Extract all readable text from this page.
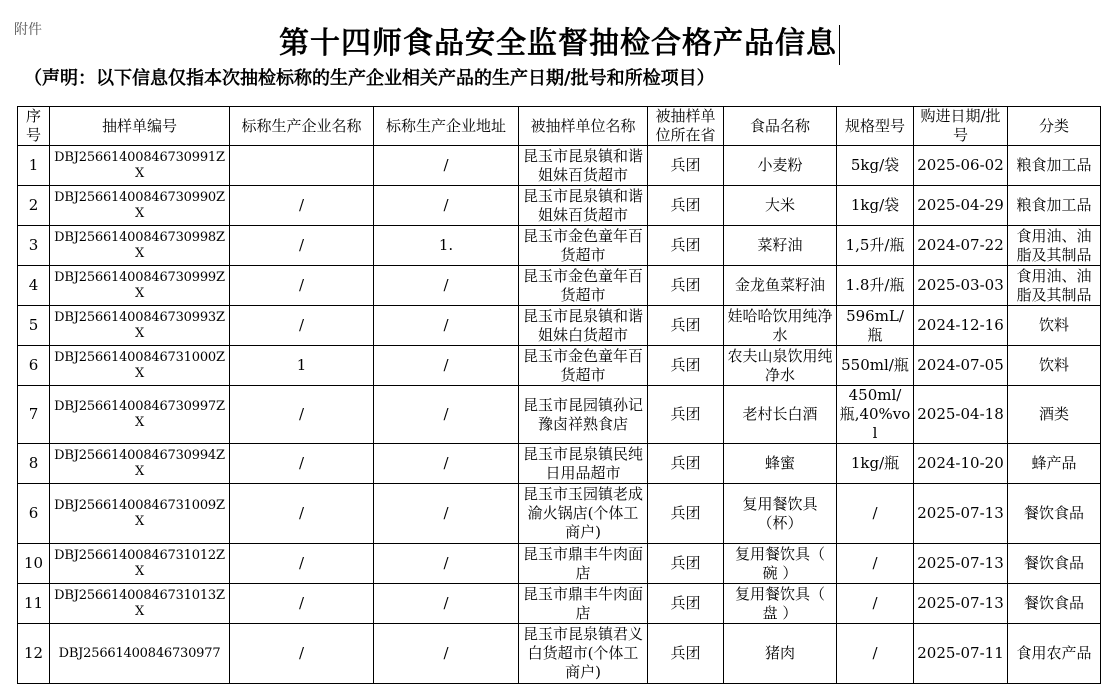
附件	第十四师食品安全监督抽检合格产品信息
（声明：以下信息仅指本次抽检标称的生产企业相关产品的生产日期/批号和所检项目）
序号	抽样单编号	标称生产企业名称	标称生产企业地址	被抽样单位名称	被抽样单位所在省	食品名称	规格型号	购进日期/批号	分类
1	DBJ25661400846730991ZX		/	昆玉市昆泉镇和谐姐妹百货超市	兵团	小麦粉	5kg/袋	2025-06-02	粮食加工品
2	DBJ25661400846730990ZX	/	/	昆玉市昆泉镇和谐姐妹百货超市	兵团	大米	1kg/袋	2025-04-29	粮食加工品
3	DBJ25661400846730998ZX	/	1.	昆玉市金色童年百货超市	兵团	菜籽油	1,5升/瓶	2024-07-22	食用油、油脂及其制品
4	DBJ25661400846730999ZX	/	/	昆玉市金色童年百货超市	兵团	金龙鱼菜籽油	1.8升/瓶	2025-03-03	食用油、油脂及其制品
5	DBJ25661400846730993ZX	/	/	昆玉市昆泉镇和谐姐妹白货超市	兵团	娃哈哈饮用纯净水	596mL/瓶	2024-12-16	饮料
6	DBJ25661400846731000ZX	1	/	昆玉市金色童年百货超市	兵团	农夫山泉饮用纯净水	550ml/瓶	2024-07-05	饮料
7	DBJ25661400846730997ZX	/	/	昆玉市昆园镇孙记豫卤祥熟食店	兵团	老村长白酒	450ml/瓶,40%vol	2025-04-18	酒类
8	DBJ25661400846730994ZX	/	/	昆玉市昆泉镇民纯日用品超市	兵团	蜂蜜	1kg/瓶	2024-10-20	蜂产品
6	DBJ25661400846731009ZX	/	/	昆玉市玉园镇老成渝火锅店(个体工商户)	兵团	复用餐饮具（杯）	/	2025-07-13	餐饮食品
10	DBJ25661400846731012ZX	/	/	昆玉市鼎丰牛肉面店	兵团	复用餐饮具（ 碗 ）	/	2025-07-13	餐饮食品
11	DBJ25661400846731013ZX	/	/	昆玉市鼎丰牛肉面店	兵团	复用餐饮具（ 盘 ）	/	2025-07-13	餐饮食品
12	DBJ25661400846730977	/	/	昆玉市昆泉镇君义白货超市(个体工商户)	兵团	猪肉	/	2025-07-11	食用农产品
